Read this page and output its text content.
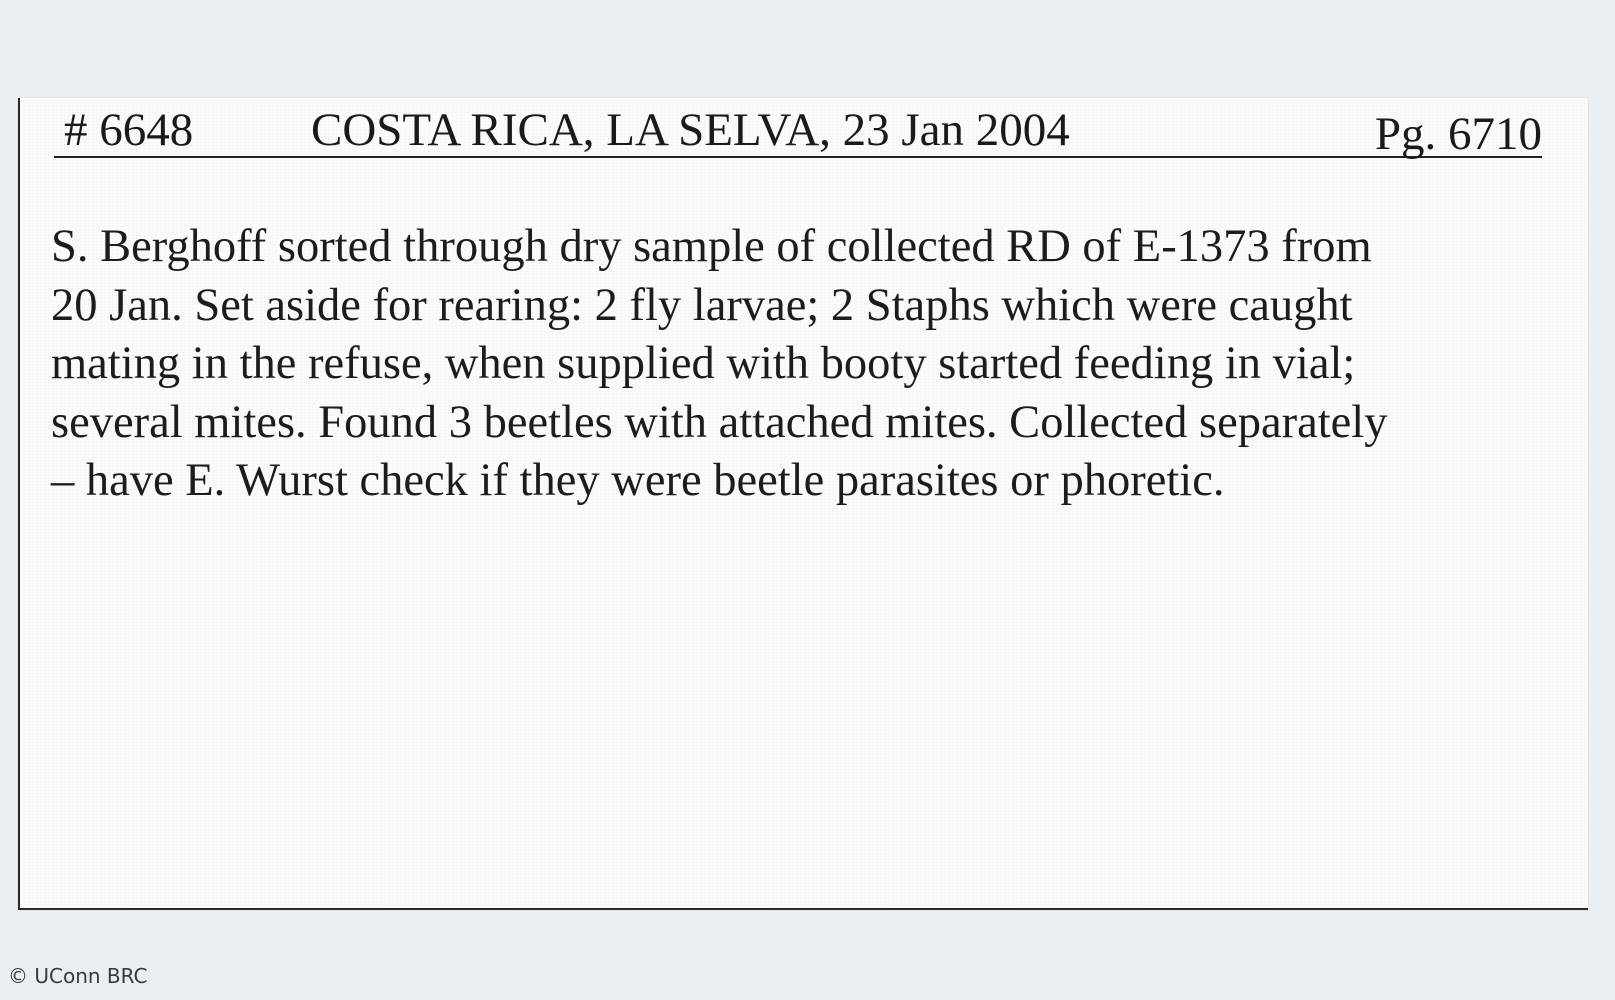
# 6648	COSTA RICA, LA SELVA, 23 Jan 2004	Pg. 6710
S. Berghoff sorted through dry sample of collected RD of E-1373 from
20 Jan. Set aside for rearing: 2 fly larvae; 2 Staphs which were caught
mating in the refuse, when supplied with booty started feeding in vial;
several mites. Found 3 beetles with attached mites. Collected separately
– have E. Wurst check if they were beetle parasites or phoretic.
© UConn BRC
